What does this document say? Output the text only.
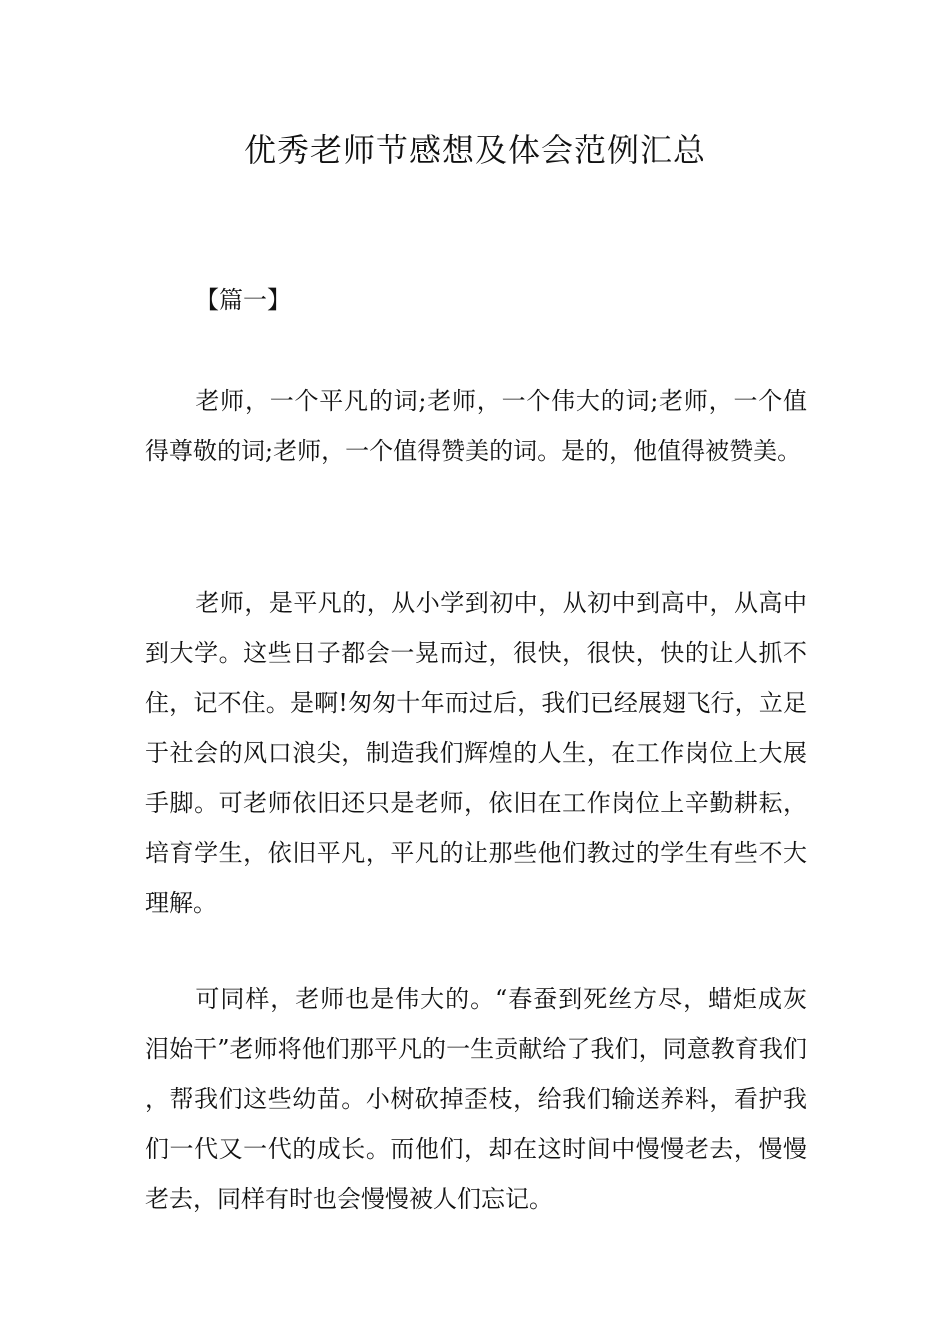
优秀老师节感想及体会范例汇总
【篇一】

老师，一个平凡的词;老师，一个伟大的词;老师，一个值得尊敬的词;老师，一个值得赞美的词。是的，他值得被赞美。

老师，是平凡的，从小学到初中，从初中到高中，从高中到大学。这些日子都会一晃而过，很快，很快，快的让人抓不住，记不住。是啊!匆匆十年而过后，我们已经展翅飞行，立足于社会的风口浪尖，制造我们辉煌的人生，在工作岗位上大展手脚。可老师依旧还只是老师，依旧在工作岗位上辛勤耕耘，培育学生，依旧平凡，平凡的让那些他们教过的学生有些不大理解。

可同样，老师也是伟大的。“春蚕到死丝方尽，蜡炬成灰泪始干”老师将他们那平凡的一生贡献给了我们，同意教育我们，帮我们这些幼苗。小树砍掉歪枝，给我们输送养料，看护我们一代又一代的成长。而他们，却在这时间中慢慢老去，慢慢老去，同样有时也会慢慢被人们忘记。
